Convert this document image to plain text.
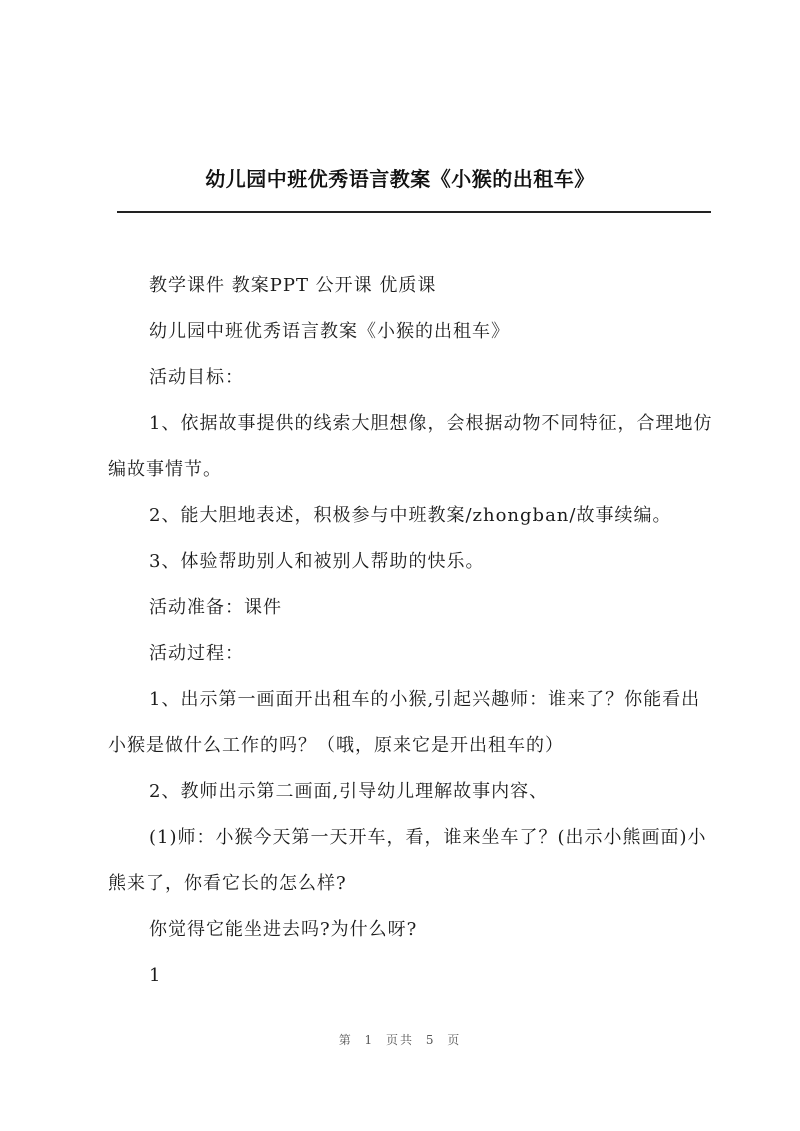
幼儿园中班优秀语言教案《小猴的出租车》

教学课件 教案PPT 公开课 优质课

幼儿园中班优秀语言教案《小猴的出租车》

活动目标：

1、依据故事提供的线索大胆想像，会根据动物不同特征，合理地仿编故事情节。

2、能大胆地表述，积极参与中班教案/zhongban/故事续编。

3、体验帮助别人和被别人帮助的快乐。

活动准备：课件

活动过程：

1、出示第一画面开出租车的小猴,引起兴趣师：谁来了？你能看出小猴是做什么工作的吗？（哦，原来它是开出租车的）

2、教师出示第二画面,引导幼儿理解故事内容、

(1)师：小猴今天第一天开车，看，谁来坐车了？(出示小熊画面)小熊来了，你看它长的怎么样?

你觉得它能坐进去吗?为什么呀?

1

第 1 页共 5 页
